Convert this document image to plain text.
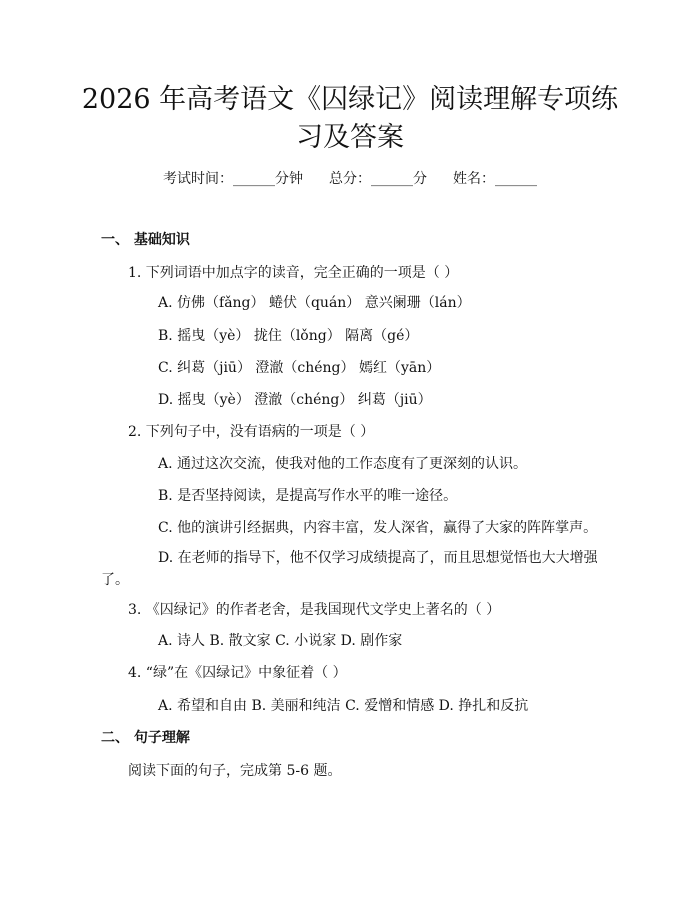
2026 年高考语文《囚绿记》阅读理解专项练
习及答案
考试时间：______分钟 总分：______分 姓名：______
一、 基础知识
1. 下列词语中加点字的读音，完全正确的一项是（ ）
A. 仿佛（fǎng） 蜷伏（quán） 意兴阑珊（lán）
B. 摇曳（yè） 拢住（lǒng） 隔离（gé）
C. 纠葛（jiū） 澄澈（chéng） 嫣红（yān）
D. 摇曳（yè） 澄澈（chéng） 纠葛（jiū）
2. 下列句子中，没有语病的一项是（ ）
A. 通过这次交流，使我对他的工作态度有了更深刻的认识。
B. 是否坚持阅读，是提高写作水平的唯一途径。
C. 他的演讲引经据典，内容丰富，发人深省，赢得了大家的阵阵掌声。
D. 在老师的指导下，他不仅学习成绩提高了，而且思想觉悟也大大增强
了。
3. 《囚绿记》的作者老舍，是我国现代文学史上著名的（ ）
A. 诗人 B. 散文家 C. 小说家 D. 剧作家
4. “绿”在《囚绿记》中象征着（ ）
A. 希望和自由 B. 美丽和纯洁 C. 爱憎和情感 D. 挣扎和反抗
二、 句子理解
阅读下面的句子，完成第 5-6 题。
